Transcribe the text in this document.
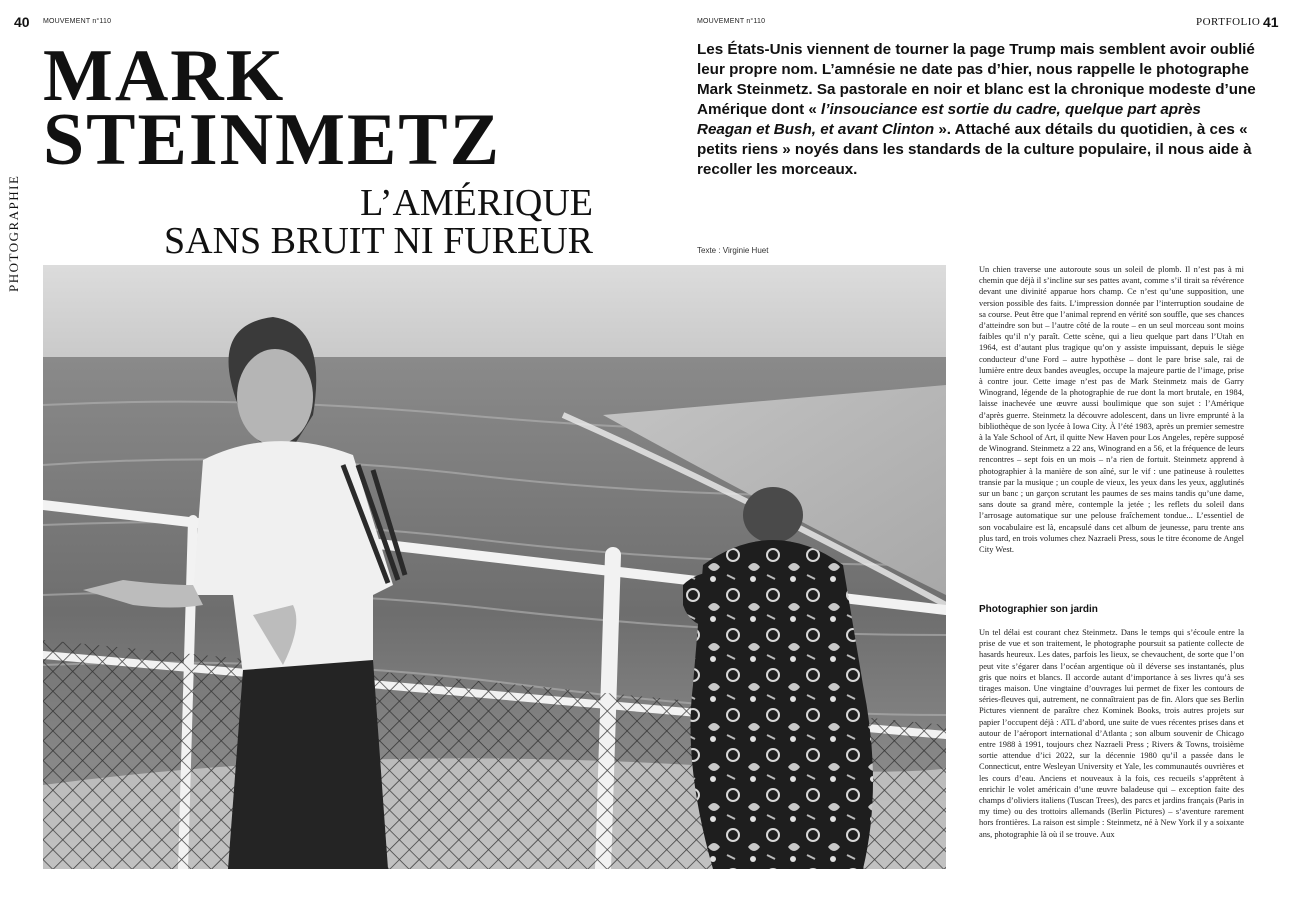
40 MOUVEMENT n°110	MOUVEMENT n°110	PORTFOLIO 41
PHOTOGRAPHIE
MARK
STEINMETZ
L’AMÉRIQUE
SANS BRUIT NI FUREUR
Les États-Unis viennent de tourner la page Trump mais semblent avoir oublié leur propre nom. L’amnésie ne date pas d’hier, nous rappelle le photographe Mark Steinmetz. Sa pastorale en noir et blanc est la chronique modeste d’une Amérique dont « l’insouciance est sortie du cadre, quelque part après Reagan et Bush, et avant Clinton ». Attaché aux détails du quotidien, à ces « petits riens » noyés dans les standards de la culture populaire, il nous aide à recoller les morceaux.
Texte : Virginie Huet

Un chien traverse une autoroute sous un soleil de plomb. Il n’est pas à mi chemin que déjà il s’incline sur ses pattes avant, comme s’il tirait sa révérence devant une divinité apparue hors champ. Ce n’est qu’une supposition, une version possible des faits. L’impression donnée par l’interruption soudaine de sa course. Peut être que l’animal reprend en vérité son souffle, que ses chances d’atteindre son but – l’autre côté de la route – en un seul morceau sont moins faibles qu’il n’y paraît. Cette scène, qui a lieu quelque part dans l’Utah en 1964, est d’autant plus tragique qu’on y assiste impuissant, depuis le siège conducteur d’une Ford – autre hypothèse – dont le pare brise sale, rai de lumière entre deux bandes aveugles, occupe la majeure partie de l’image, prise à contre jour. Cette image n’est pas de Mark Steinmetz mais de Garry Winogrand, légende de la photographie de rue dont la mort brutale, en 1984, laisse inachevée une œuvre aussi boulimique que son sujet : l’Amérique d’après guerre. Steinmetz la découvre adolescent, dans un livre emprunté à la bibliothèque de son lycée à Iowa City. À l’été 1983, après un premier semestre à la Yale School of Art, il quitte New Haven pour Los Angeles, repère supposé de Winogrand. Steinmetz a 22 ans, Winogrand en a 56, et la fréquence de leurs rencontres – sept fois en un mois – n’a rien de fortuit. Steinmetz apprend à photographier à la manière de son aîné, sur le vif : une patineuse à roulettes transie par la musique ; un couple de vieux, les yeux dans les yeux, agglutinés sur un banc ; un garçon scrutant les paumes de ses mains tandis qu’une dame, sans doute sa grand mère, contemple la jetée ; les reflets du soleil dans l’arrosage automatique sur une pelouse fraîchement tondue... L’essentiel de son vocabulaire est là, encapsulé dans cet album de jeunesse, paru trente ans plus tard, en trois volumes chez Nazraeli Press, sous le titre économe de Angel City West.

Photographier son jardin

Un tel délai est courant chez Steinmetz. Dans le temps qui s’écoule entre la prise de vue et son traitement, le photographe poursuit sa patiente collecte de hasards heureux. Les dates, parfois les lieux, se chevauchent, de sorte que l’on peut vite s’égarer dans l’océan argentique où il déverse ses instantanés, plus gris que noirs et blancs. Il accorde autant d’importance à ses livres qu’à ses tirages maison. Une vingtaine d’ouvrages lui permet de fixer les contours de séries-fleuves qui, autrement, ne connaîtraient pas de fin. Alors que ses Berlin Pictures viennent de paraître chez Kominek Books, trois autres projets sur papier l’occupent déjà : ATL d’abord, une suite de vues récentes prises dans et autour de l’aéroport international d’Atlanta ; son album souvenir de Chicago entre 1988 à 1991, toujours chez Nazraeli Press ; Rivers & Towns, troisième sortie attendue d’ici 2022, sur la décennie 1980 qu’il a passée dans le Connecticut, entre Wesleyan University et Yale, les communautés ouvrières et les cours d’eau. Anciens et nouveaux à la fois, ces recueils s’apprêtent à enrichir le volet américain d’une œuvre baladeuse qui – exception faite des champs d’oliviers italiens (Tuscan Trees), des parcs et jardins français (Paris in my time) ou des trottoirs allemands (Berlin Pictures) – s’aventure rarement hors frontières. La raison est simple : Steinmetz, né à New York il y a soixante ans, photographie là où il se trouve. Aux
